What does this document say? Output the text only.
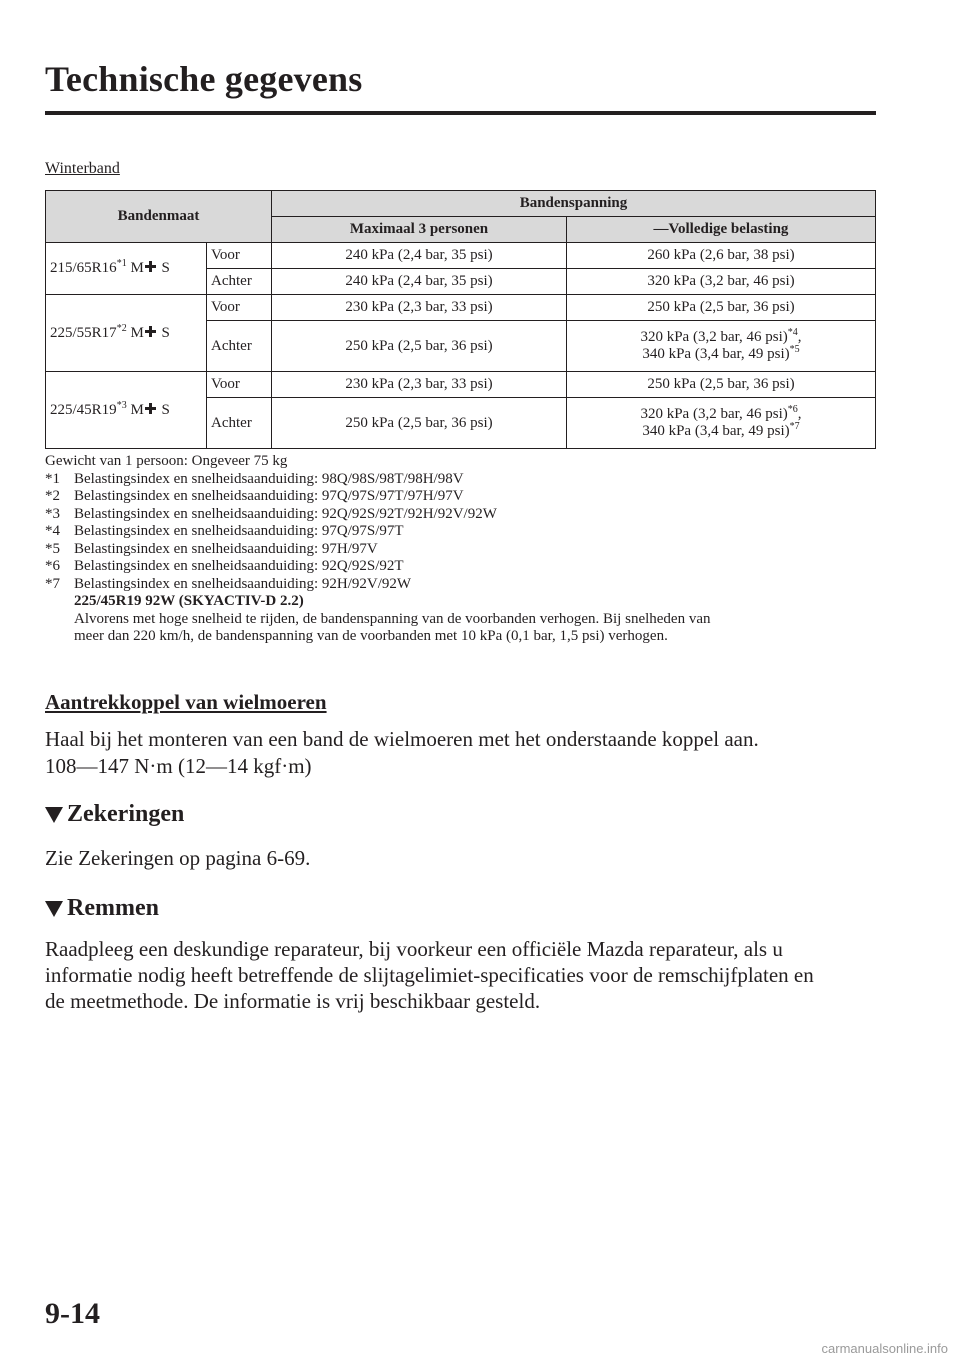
Technische gegevens
Winterband
Bandenmaat		Bandenspanning	
		Maximaal 3 personen	―Volledige belasting
215/65R16$^{*1}$ M S	Voor	240 kPa (2,4 bar, 35 psi)	260 kPa (2,6 bar, 38 psi)
	Achter	240 kPa (2,4 bar, 35 psi)	320 kPa (3,2 bar, 46 psi)
225/55R17$^{*2}$ M S	Voor	230 kPa (2,3 bar, 33 psi)	250 kPa (2,5 bar, 36 psi)
	Achter	250 kPa (2,5 bar, 36 psi)	320 kPa (3,2 bar, 46 psi)$^{*4}$,
340 kPa (3,4 bar, 49 psi)$^{*5}$
225/45R19$^{*3}$ M S	Voor	230 kPa (2,3 bar, 33 psi)	250 kPa (2,5 bar, 36 psi)
	Achter	250 kPa (2,5 bar, 36 psi)	320 kPa (3,2 bar, 46 psi)$^{*6}$,
340 kPa (3,4 bar, 49 psi)$^{*7}$
Gewicht van 1 persoon: Ongeveer 75 kg
*1 Belastingsindex en snelheidsaanduiding: 98Q/98S/98T/98H/98V
*2 Belastingsindex en snelheidsaanduiding: 97Q/97S/97T/97H/97V
*3 Belastingsindex en snelheidsaanduiding: 92Q/92S/92T/92H/92V/92W
*4 Belastingsindex en snelheidsaanduiding: 97Q/97S/97T
*5 Belastingsindex en snelheidsaanduiding: 97H/97V
*6 Belastingsindex en snelheidsaanduiding: 92Q/92S/92T
*7 Belastingsindex en snelheidsaanduiding: 92H/92V/92W
225/45R19 92W (SKYACTIV-D 2.2)
Alvorens met hoge snelheid te rijden, de bandenspanning van de voorbanden verhogen. Bij snelheden van
meer dan 220 km/h, de bandenspanning van de voorbanden met 10 kPa (0,1 bar, 1,5 psi) verhogen.
Aantrekkoppel van wielmoeren
Haal bij het monteren van een band de wielmoeren met het onderstaande koppel aan.
108―147 N·m (12―14 kgf·m)
Zekeringen
Zie Zekeringen op pagina 6-69.
Remmen
Raadpleeg een deskundige reparateur, bij voorkeur een officiële Mazda reparateur, als u
informatie nodig heeft betreffende de slijtagelimiet-specificaties voor de remschijfplaten en
de meetmethode. De informatie is vrij beschikbaar gesteld.
9-14
carmanualsonline.info
